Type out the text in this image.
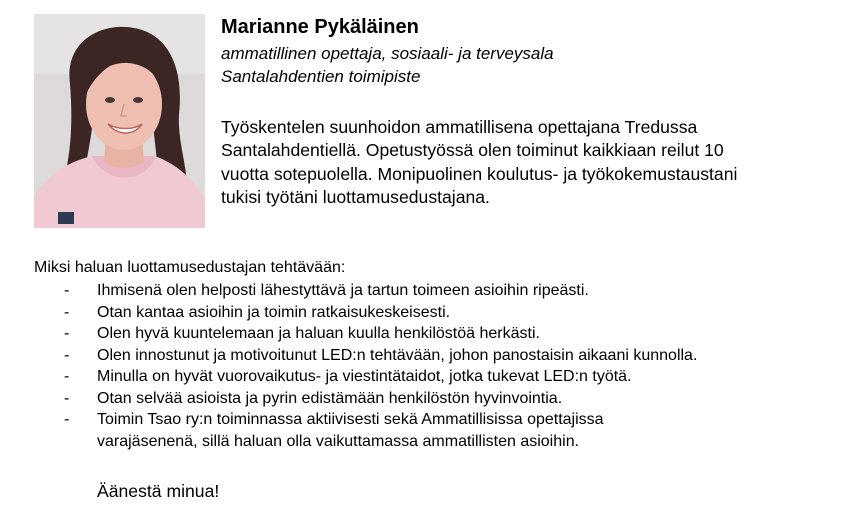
Marianne Pykäläinen
ammatillinen opettaja, sosiaali- ja terveysala
Santalahdentien toimipiste
Työskentelen suunhoidon ammatillisena opettajana Tredussa
Santalahdentiellä. Opetustyössä olen toiminut kaikkiaan reilut 10
vuotta sotepuolella. Monipuolinen koulutus- ja työkokemustaustani
tukisi työtäni luottamusedustajana.
Miksi haluan luottamusedustajan tehtävään:
- Ihmisenä olen helposti lähestyttävä ja tartun toimeen asioihin ripeästi.
- Otan kantaa asioihin ja toimin ratkaisukeskeisesti.
- Olen hyvä kuuntelemaan ja haluan kuulla henkilöstöä herkästi.
- Olen innostunut ja motivoitunut LED:n tehtävään, johon panostaisin aikaani kunnolla.
- Minulla on hyvät vuorovaikutus- ja viestintätaidot, jotka tukevat LED:n työtä.
- Otan selvää asioista ja pyrin edistämään henkilöstön hyvinvointia.
- Toimin Tsao ry:n toiminnassa aktiivisesti sekä Ammatillisissa opettajissa
varajäsenenä, sillä haluan olla vaikuttamassa ammatillisten asioihin.
Äänestä minua!
